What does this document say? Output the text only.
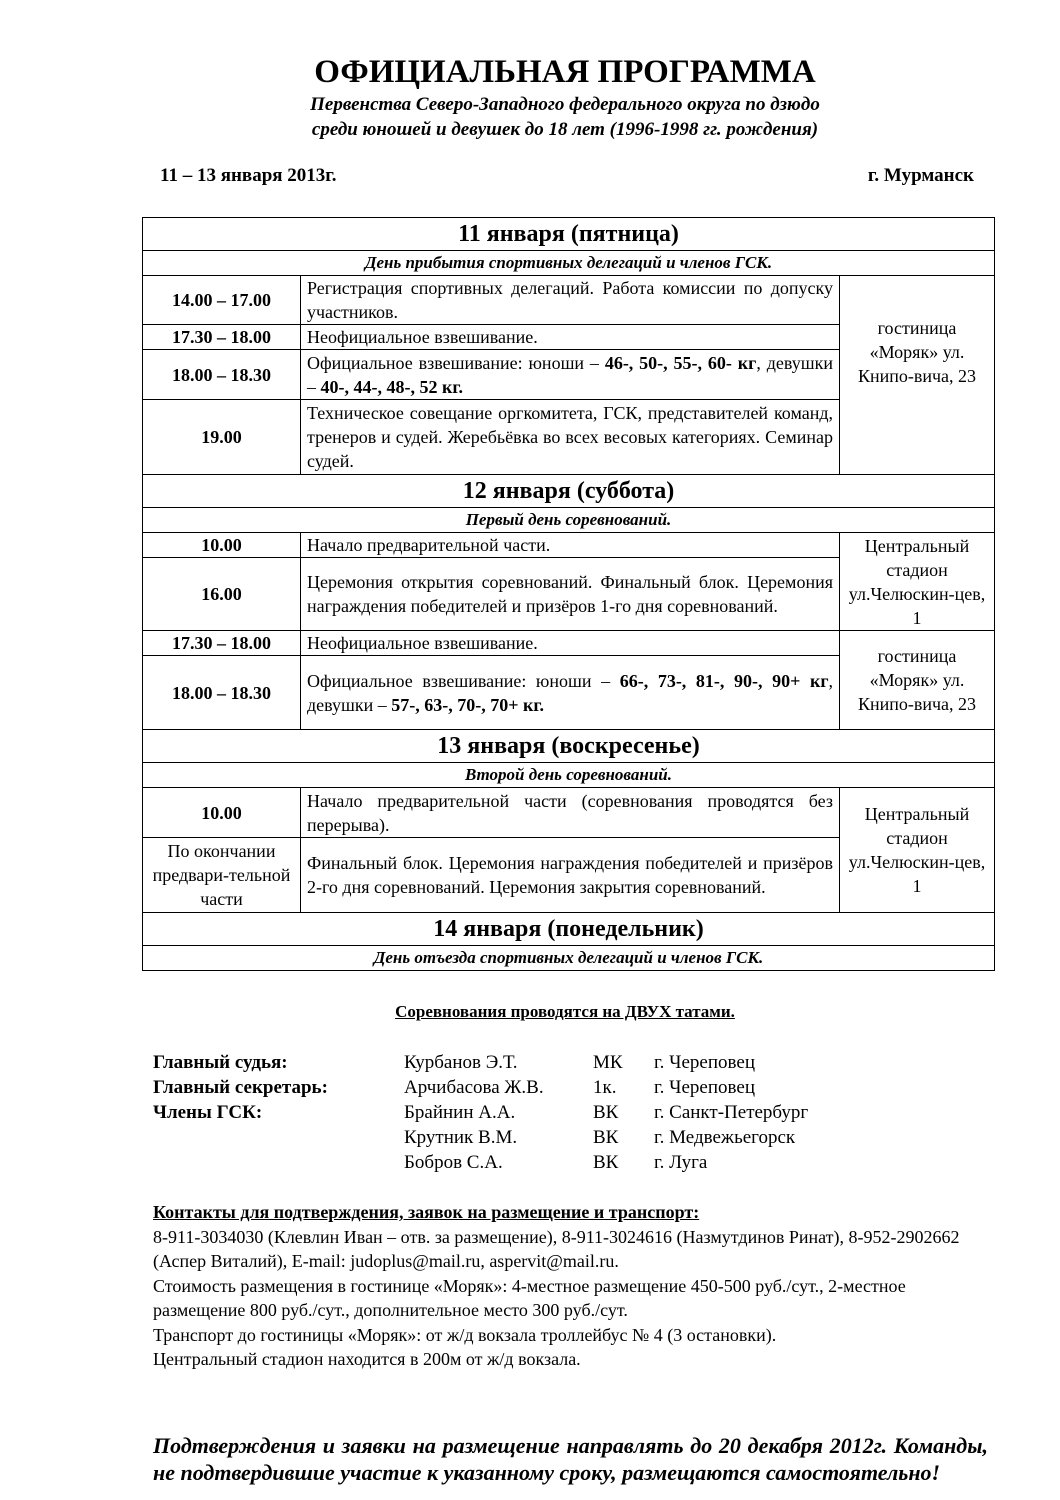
ОФИЦИАЛЬНАЯ ПРОГРАММА
Первенства Северо-Западного федерального округа по дзюдо
среди юношей и девушек до 18 лет (1996-1998 гг. рождения)
11 – 13 января 2013г.	г. Мурманск
11 января (пятница)		
День прибытия спортивных делегаций и членов ГСК.		
14.00 – 17.00	Регистрация спортивных делегаций. Работа комиссии по допуску участников.	гостиница «Моряк» ул. Книпо-вича, 23
17.30 – 18.00	Неофициальное взвешивание.	
18.00 – 18.30	Официальное взвешивание: юноши – 46-, 50-, 55-, 60- кг, девушки – 40-, 44-, 48-, 52 кг.	
19.00	Техническое совещание оргкомитета, ГСК, представителей команд, тренеров и судей. Жеребьёвка во всех весовых категориях. Семинар судей.	
12 января (суббота)		
Первый день соревнований.		
10.00	Начало предварительной части.	Центральный стадион ул.Челюскин-цев, 1
16.00	Церемония открытия соревнований. Финальный блок. Церемония награждения победителей и призёров 1-го дня соревнований.	
17.30 – 18.00	Неофициальное взвешивание.	гостиница «Моряк» ул. Книпо-вича, 23
18.00 – 18.30	Официальное взвешивание: юноши – 66-, 73-, 81-, 90-, 90+ кг, девушки – 57-, 63-, 70-, 70+ кг.	
13 января (воскресенье)		
Второй день соревнований.		
10.00	Начало предварительной части (соревнования проводятся без перерыва).	Центральный стадион ул.Челюскин-цев, 1
По окончании предвари-тельной части	Финальный блок. Церемония награждения победителей и призёров 2-го дня соревнований. Церемония закрытия соревнований.	
14 января (понедельник)		
День отъезда спортивных делегаций и членов ГСК.		
Соревнования проводятся на ДВУХ татами.
Главный судья:	Курбанов Э.Т.	МК г. Череповец
Главный секретарь:	Арчибасова Ж.В.	1к. г. Череповец
Члены ГСК:	Брайнин А.А.	ВК г. Санкт-Петербург
Крутник В.М.	ВК г. Медвежьегорск
Бобров С.А.	ВК г. Луга
Контакты для подтверждения, заявок на размещение и транспорт:
8-911-3034030 (Клевлин Иван – отв. за размещение), 8-911-3024616 (Назмутдинов Ринат), 8-952-2902662 (Аспер Виталий), E-mail: judoplus@mail.ru, aspervit@mail.ru.
Стоимость размещения в гостинице «Моряк»: 4-местное размещение 450-500 руб./сут., 2-местное размещение 800 руб./сут., дополнительное место 300 руб./сут.
Транспорт до гостиницы «Моряк»: от ж/д вокзала троллейбус № 4 (3 остановки).
Центральный стадион находится в 200м от ж/д вокзала.
Подтверждения и заявки на размещение направлять до 20 декабря 2012г. Команды, не подтвердившие участие к указанному сроку, размещаются самостоятельно!
